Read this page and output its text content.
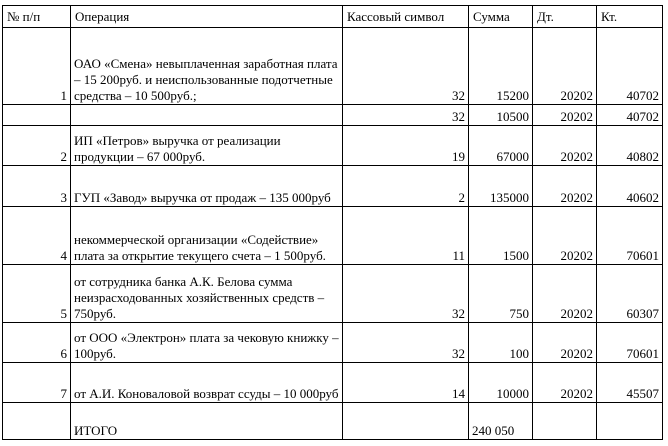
№ п/п	Операция	Кассовый символ	Сумма	Дт.	Кт.
1	ОАО «Смена» невыплаченная заработная плата – 15 200руб. и неиспользованные подотчетные средства – 10 500руб.;	32	15200	20202	40702
		32	10500	20202	40702
2	ИП «Петров» выручка от реализации продукции – 67 000руб.	19	67000	20202	40802
3	ГУП «Завод» выручка от продаж – 135 000руб	2	135000	20202	40602
4	некоммерческой организации «Содействие» плата за открытие текущего счета – 1 500руб.	11	1500	20202	70601
5	от сотрудника банка А.К. Белова сумма неизрасходованных хозяйственных средств – 750руб.	32	750	20202	60307
6	от ООО «Электрон» плата за чековую книжку – 100руб.	32	100	20202	70601
7	от А.И. Коноваловой возврат ссуды – 10 000руб	14	10000	20202	45507
	ИТОГО		240 050		
